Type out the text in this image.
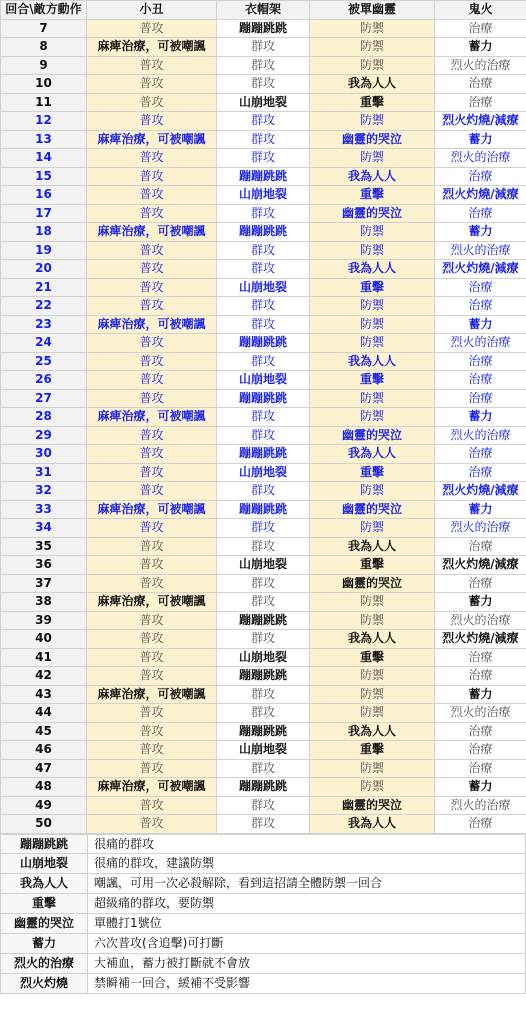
回合\敵方動作	小丑	衣帽架	被單幽靈	鬼火
7	普攻	蹦蹦跳跳	防禦	治療
8	麻痺治療，可被嘲諷	群攻	防禦	蓄力
9	普攻	群攻	防禦	烈火的治療
10	普攻	群攻	我為人人	治療
11	普攻	山崩地裂	重擊	治療
12	普攻	群攻	防禦	烈火灼燒/減療
13	麻痺治療，可被嘲諷	群攻	幽靈的哭泣	蓄力
14	普攻	群攻	防禦	烈火的治療
15	普攻	蹦蹦跳跳	我為人人	治療
16	普攻	山崩地裂	重擊	烈火灼燒/減療
17	普攻	群攻	幽靈的哭泣	治療
18	麻痺治療，可被嘲諷	蹦蹦跳跳	防禦	蓄力
19	普攻	群攻	防禦	烈火的治療
20	普攻	群攻	我為人人	烈火灼燒/減療
21	普攻	山崩地裂	重擊	治療
22	普攻	群攻	防禦	治療
23	麻痺治療，可被嘲諷	群攻	防禦	蓄力
24	普攻	蹦蹦跳跳	防禦	烈火的治療
25	普攻	群攻	我為人人	治療
26	普攻	山崩地裂	重擊	治療
27	普攻	蹦蹦跳跳	防禦	治療
28	麻痺治療，可被嘲諷	群攻	防禦	蓄力
29	普攻	群攻	幽靈的哭泣	烈火的治療
30	普攻	蹦蹦跳跳	我為人人	治療
31	普攻	山崩地裂	重擊	治療
32	普攻	群攻	防禦	烈火灼燒/減療
33	麻痺治療，可被嘲諷	蹦蹦跳跳	幽靈的哭泣	蓄力
34	普攻	群攻	防禦	烈火的治療
35	普攻	群攻	我為人人	治療
36	普攻	山崩地裂	重擊	烈火灼燒/減療
37	普攻	群攻	幽靈的哭泣	治療
38	麻痺治療，可被嘲諷	群攻	防禦	蓄力
39	普攻	蹦蹦跳跳	防禦	烈火的治療
40	普攻	群攻	我為人人	烈火灼燒/減療
41	普攻	山崩地裂	重擊	治療
42	普攻	蹦蹦跳跳	防禦	治療
43	麻痺治療，可被嘲諷	群攻	防禦	蓄力
44	普攻	群攻	防禦	烈火的治療
45	普攻	蹦蹦跳跳	我為人人	治療
46	普攻	山崩地裂	重擊	治療
47	普攻	群攻	防禦	治療
48	麻痺治療，可被嘲諷	蹦蹦跳跳	防禦	蓄力
49	普攻	群攻	幽靈的哭泣	烈火的治療
50	普攻	群攻	我為人人	治療
蹦蹦跳跳	很痛的群攻
山崩地裂	很痛的群攻，建議防禦
我為人人	嘲諷，可用一次必殺解除，看到這招請全體防禦一回合
重擊	超級痛的群攻，要防禦
幽靈的哭泣	單體打1號位
蓄力	六次普攻(含追擊)可打斷
烈火的治療	大補血，蓄力被打斷就不會放
烈火灼燒	禁瞬補一回合，緩補不受影響
